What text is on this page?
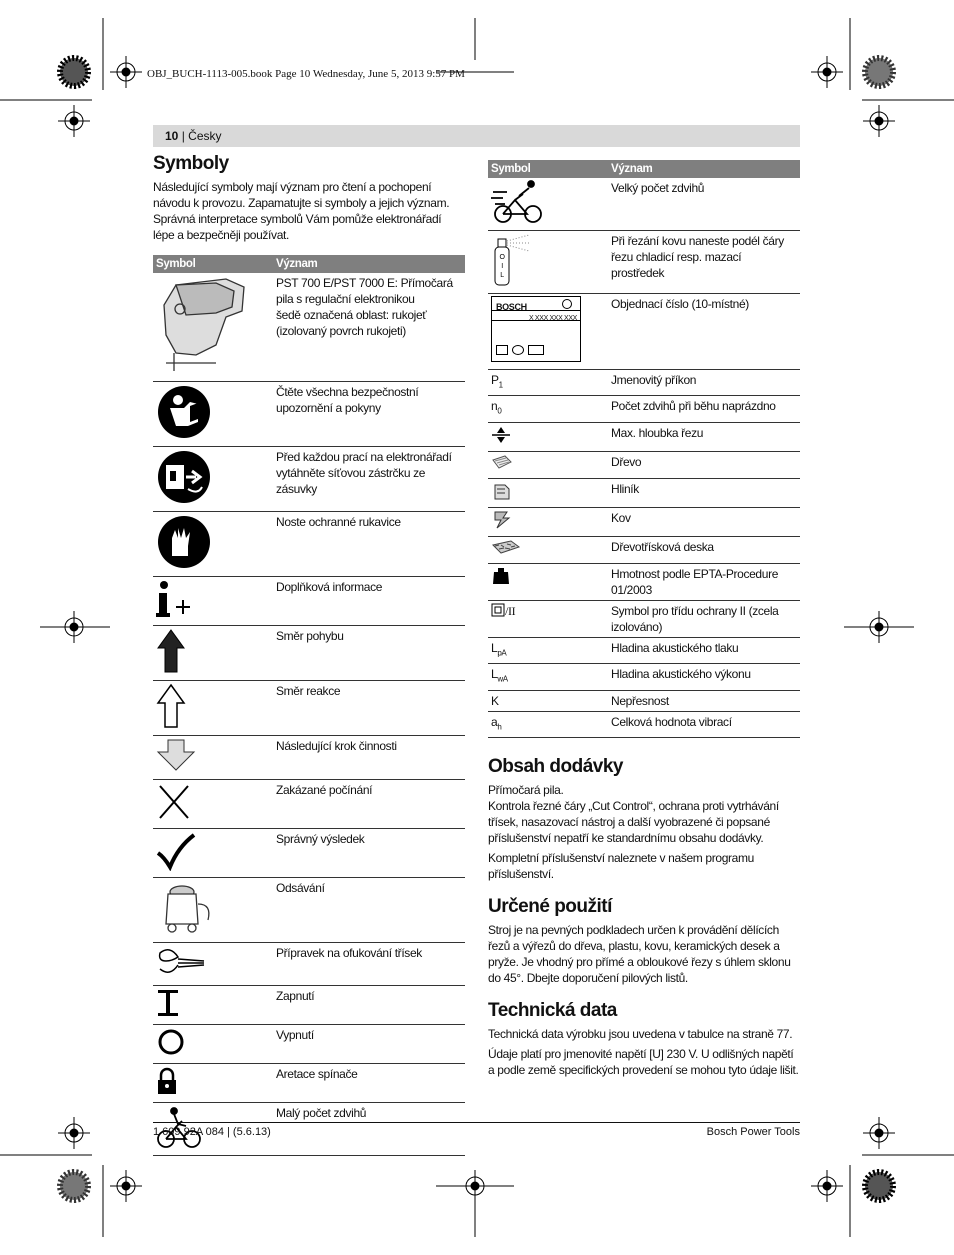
OBJ_BUCH-1113-005.book Page 10 Wednesday, June 5, 2013 9:57 PM
10 | Česky
Symboly

Následující symboly mají význam pro čtení a pochopení návodu k provozu. Zapamatujte si symboly a jejich význam. Správná interpretace symbolů Vám pomůže elektronářadí lépe a bezpečněji používat.

Symbol	Význam

PST 700 E/PST 7000 E: Přímočará pila s regulační elektronikou
šedě označená oblast: rukojeť (izolovaný povrch rukojeti)

	Čtěte všechna bezpečnostní upozornění a pokyny
	Před každou prací na elektronářadí vytáhněte síťovou zástrčku ze zásuvky
	Noste ochranné rukavice
	Doplňková informace
	Směr pohybu
	Směr reakce
	Následující krok činnosti
	Zakázané počínání
	Správný výsledek
	Odsávání
	Přípravek na ofukování třísek
	Zapnutí
	Vypnutí
	Aretace spínače
	Malý počet zdvihů
Symbol	Význam
	Velký počet zdvihů

O
I
L	Při řezání kovu naneste podél čáry řezu chladicí resp. mazací prostředek

BOSCH
X XXX XXX XXX	Objednací číslo (10-místné)
$P_1$	Jmenovitý příkon
$n_0$	Počet zdvihů při běhu naprázdno
	Max. hloubka řezu
	Dřevo
	Hliník
	Kov
	Dřevotřísková deska
	Hmotnost podle EPTA-Procedure 01/2003
/II	Symbol pro třídu ochrany II (zcela izolováno)
$L_{pA}$	Hladina akustického tlaku
$L_{wA}$	Hladina akustického výkonu
K	Nepřesnost
$a_h$	Celková hodnota vibrací
Obsah dodávky

Přímočará pila.

Kontrola řezné čáry „Cut Control“, ochrana proti vytrhávání třísek, nasazovací nástroj a další vyobrazené či popsané příslušenství nepatří ke standardnímu obsahu dodávky.

Kompletní příslušenství naleznete v našem programu příslušenství.

Určené použití

Stroj je na pevných podkladech určen k provádění dělících řezů a výřezů do dřeva, plastu, kovu, keramických desek a pryže. Je vhodný pro přímé a obloukové řezy s úhlem sklonu do 45°. Dbejte doporučení pilových listů.

Technická data

Technická data výrobku jsou uvedena v tabulce na straně 77.

Údaje platí pro jmenovité napětí [U] 230 V. U odlišných napětí a podle země specifických provedení se mohou tyto údaje lišit.

1 609 92A 084 | (5.6.13)	Bosch Power Tools
